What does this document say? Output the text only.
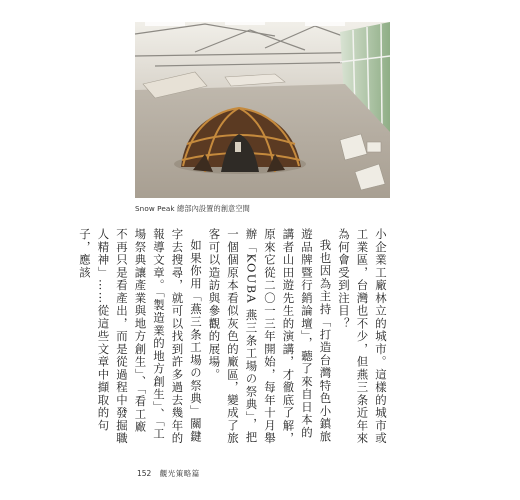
Snow Peak 總部內設置的創意空間

小企業工廠林立的城市。這樣的城市或工業區，台灣也不少，但燕三条近年來為何會受到注目？

我也因為主持「打造台灣特色小鎮旅遊品牌暨行銷論壇」，聽了來自日本的講者山田遊先生的演講，才徹底了解，原來它從二〇一三年開始，每年十月舉辦「KOUBA 燕三条工場の祭典」，把一個個原本看似灰色的廠區，變成了旅客可以造訪與參觀的展場。

如果你用「燕三条工場の祭典」關鍵字去搜尋，就可以找到許多過去幾年的報導文章。「製造業的地方創生」、「工場祭典讓產業與地方創生」、「看工廠不再只是看產出，而是從過程中發掘職人精神」……從這些文章中擷取的句子，應該

152 觀光策略篇
